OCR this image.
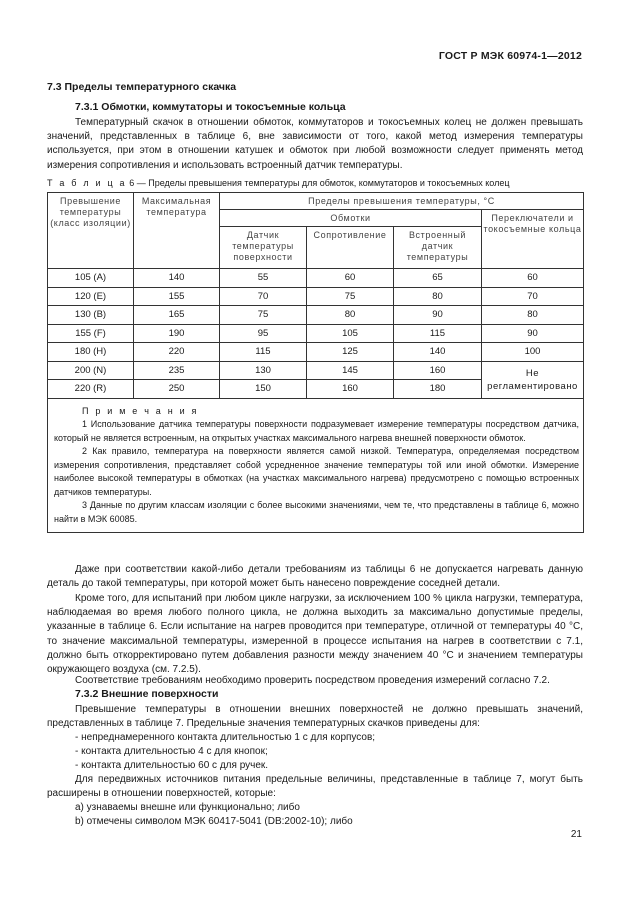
ГОСТ Р МЭК 60974-1—2012
7.3 Пределы температурного скачка
7.3.1 Обмотки, коммутаторы и токосъемные кольца

Температурный скачок в отношении обмоток, коммутаторов и токосъемных колец не должен превышать значений, представленных в таблице 6, вне зависимости от того, какой метод измерения температуры используется, при этом в отношении катушек и обмоток при любой возможности следует применять метод измерения сопротивления и использовать встроенный датчик температуры.

Т а б л и ц а 6 — Пределы превышения температуры для обмоток, коммутаторов и токосъемных колец

Превышение температуры (класс изоляции)	Максимальная температура	Пределы превышения температуры, °C			
		Обмотки			Переключатели и токосъемные кольца
		Датчик температуры поверхности	Сопротивление	Встроенный датчик температуры	
105 (A)	140	55	60	65	60
120 (E)	155	70	75	80	70
130 (B)	165	75	80	90	80
155 (F)	190	95	105	115	90
180 (H)	220	115	125	140	100
200 (N)	235	130	145	160	Не регламентировано
220 (R)	250	150	160	180	

П р и м е ч а н и я

1 Использование датчика температуры поверхности подразумевает измерение температуры посредством датчика, который не является встроенным, на открытых участках максимального нагрева внешней поверхности обмоток.

2 Как правило, температура на поверхности является самой низкой. Температура, определяемая посредством измерения сопротивления, представляет собой усредненное значение температуры той или иной обмотки. Измерение наиболее высокой температуры в обмотках (на участках максимального нагрева) предусмотрено с помощью встроенных датчиков температуры.

3 Данные по другим классам изоляции с более высокими значениями, чем те, что представлены в таблице 6, можно найти в МЭК 60085.					

Даже при соответствии какой-либо детали требованиям из таблицы 6 не допускается нагревать данную деталь до такой температуры, при которой может быть нанесено повреждение соседней детали.

Кроме того, для испытаний при любом цикле нагрузки, за исключением 100 % цикла нагрузки, температура, наблюдаемая во время любого полного цикла, не должна выходить за максимально допустимые пределы, указанные в таблице 6. Если испытание на нагрев проводится при температуре, отличной от температуры 40 °С, то значение максимальной температуры, измеренной в процессе испытания на нагрев в соответствии с 7.1, должно быть откорректировано путем добавления разности между значением 40 °С и значением температуры окружающего воздуха (см. 7.2.5).

Соответствие требованиям необходимо проверить посредством проведения измерений согласно 7.2.

7.3.2 Внешние поверхности

Превышение температуры в отношении внешних поверхностей не должно превышать значений, представленных в таблице 7. Предельные значения температурных скачков приведены для:

- непреднамеренного контакта длительностью 1 с для корпусов;

- контакта длительностью 4 с для кнопок;

- контакта длительностью 60 с для ручек.

Для передвижных источников питания предельные величины, представленные в таблице 7, могут быть расширены в отношении поверхностей, которые:

а) узнаваемы внешне или функционально; либо

b) отмечены символом МЭК 60417-5041 (DB:2002-10); либо

21
